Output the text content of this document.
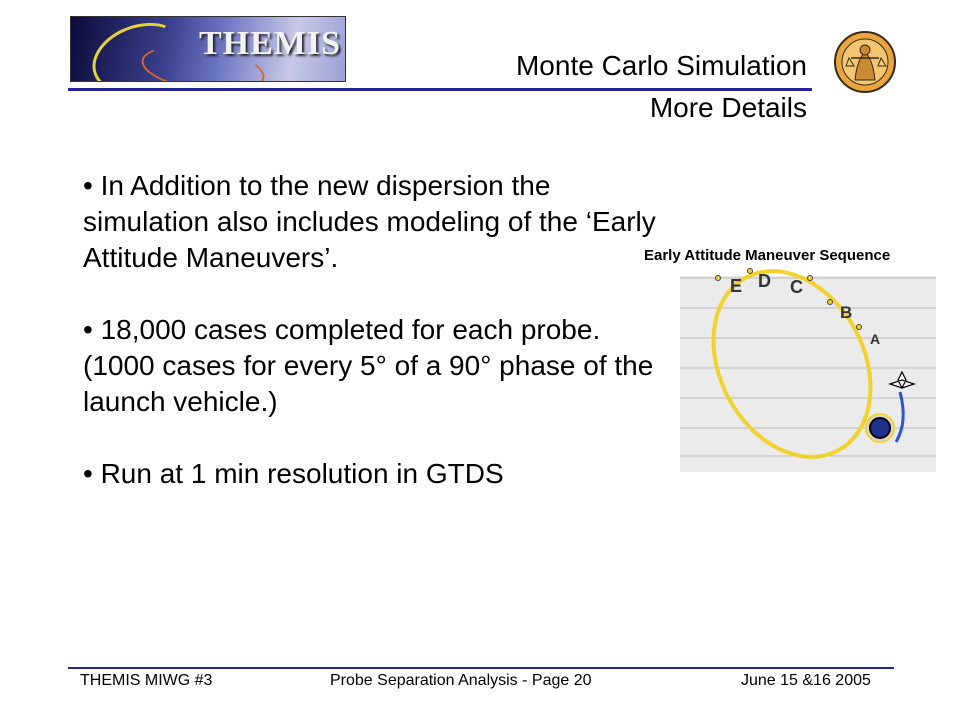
THEMIS
Monte Carlo Simulation
More Details

• In Addition to the new dispersion the simulation also includes modeling of the ‘Early Attitude Maneuvers’.

• 18,000 cases completed for each probe. (1000 cases for every 5° of a 90° phase of the launch vehicle.)

• Run at 1 min resolution in GTDS

Early Attitude Maneuver Sequence
A
B
C
D
E
THEMIS MIWG #3	Probe Separation Analysis - Page 20	June 15 &16 2005
